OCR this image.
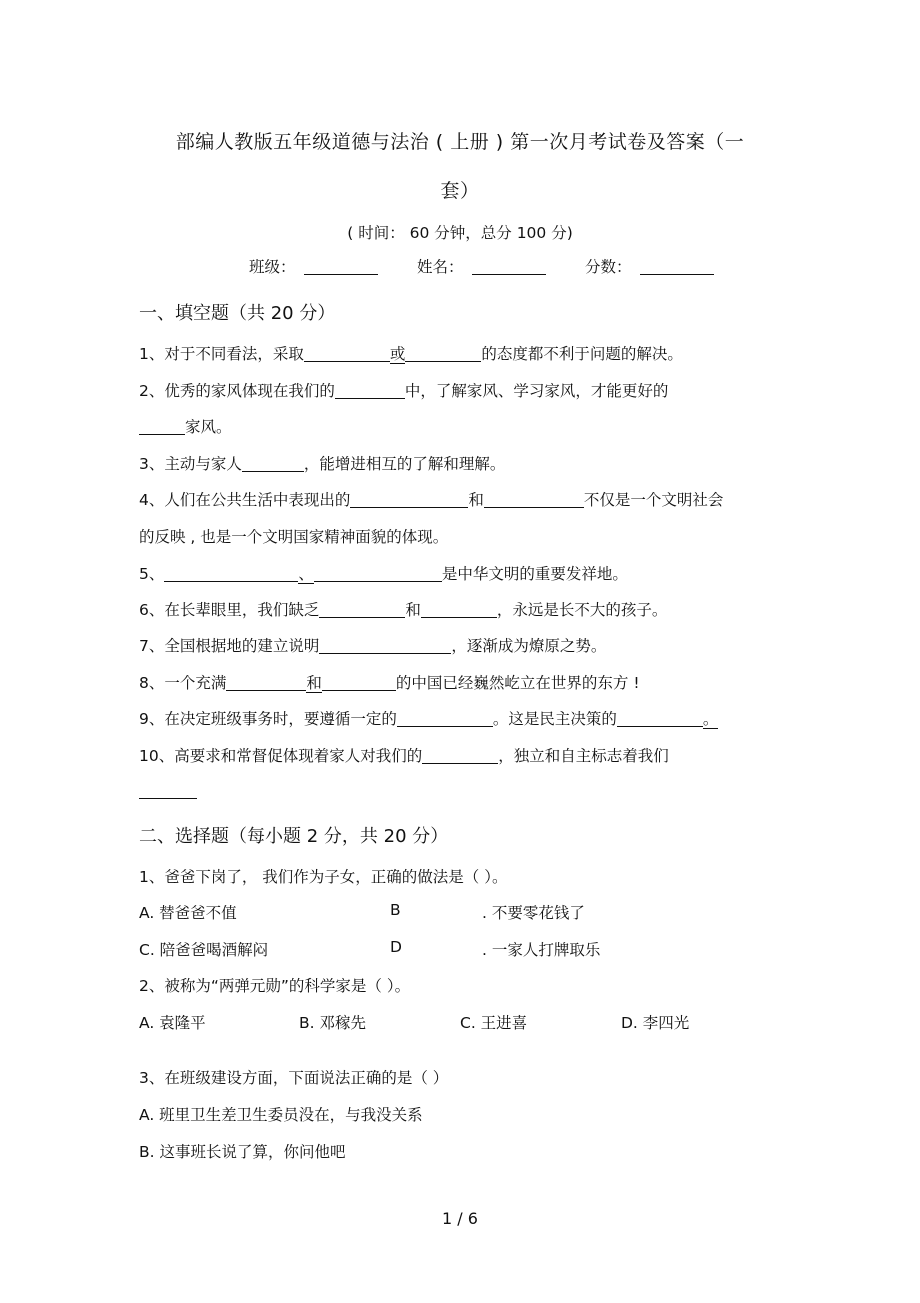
部编人教版五年级道德与法治 ( 上册 ) 第一次月考试卷及答案（一
套）
( 时间： 60 分钟，总分 100 分)
班级：	姓名：	分数：
一、填空题（共 20 分）
1、对于不同看法，采取	或	的态度都不利于问题的解决。
2、优秀的家风体现在我们的	中，了解家风、学习家风，才能更好的
家风。
3、主动与家人	，能增进相互的了解和理解。
4、人们在公共生活中表现出的	和	不仅是一个文明社会
的反映 , 也是一个文明国家精神面貌的体现。
5、	、	是中华文明的重要发祥地。
6、在长辈眼里，我们缺乏	和	，永远是长不大的孩子。
7、全国根据地的建立说明	，逐渐成为燎原之势。
8、一个充满	和	的中国已经巍然屹立在世界的东方 !
9、在决定班级事务时，要遵循一定的	。这是民主决策的	。
10、高要求和常督促体现着家人对我们的	，独立和自主标志着我们
二、选择题（每小题 2 分，共 20 分）
1、爸爸下岗了， 我们作为子女，正确的做法是（ ）。
A. 替爸爸不值	B	. 不要零花钱了
C. 陪爸爸喝酒解闷	D	. 一家人打牌取乐
2、被称为“两弹元勋”的科学家是（ ）。
A. 袁隆平	B. 邓稼先	C. 王进喜	D. 李四光
3、在班级建设方面，下面说法正确的是（ ）
A. 班里卫生差卫生委员没在，与我没关系
B. 这事班长说了算，你问他吧
1 / 6
